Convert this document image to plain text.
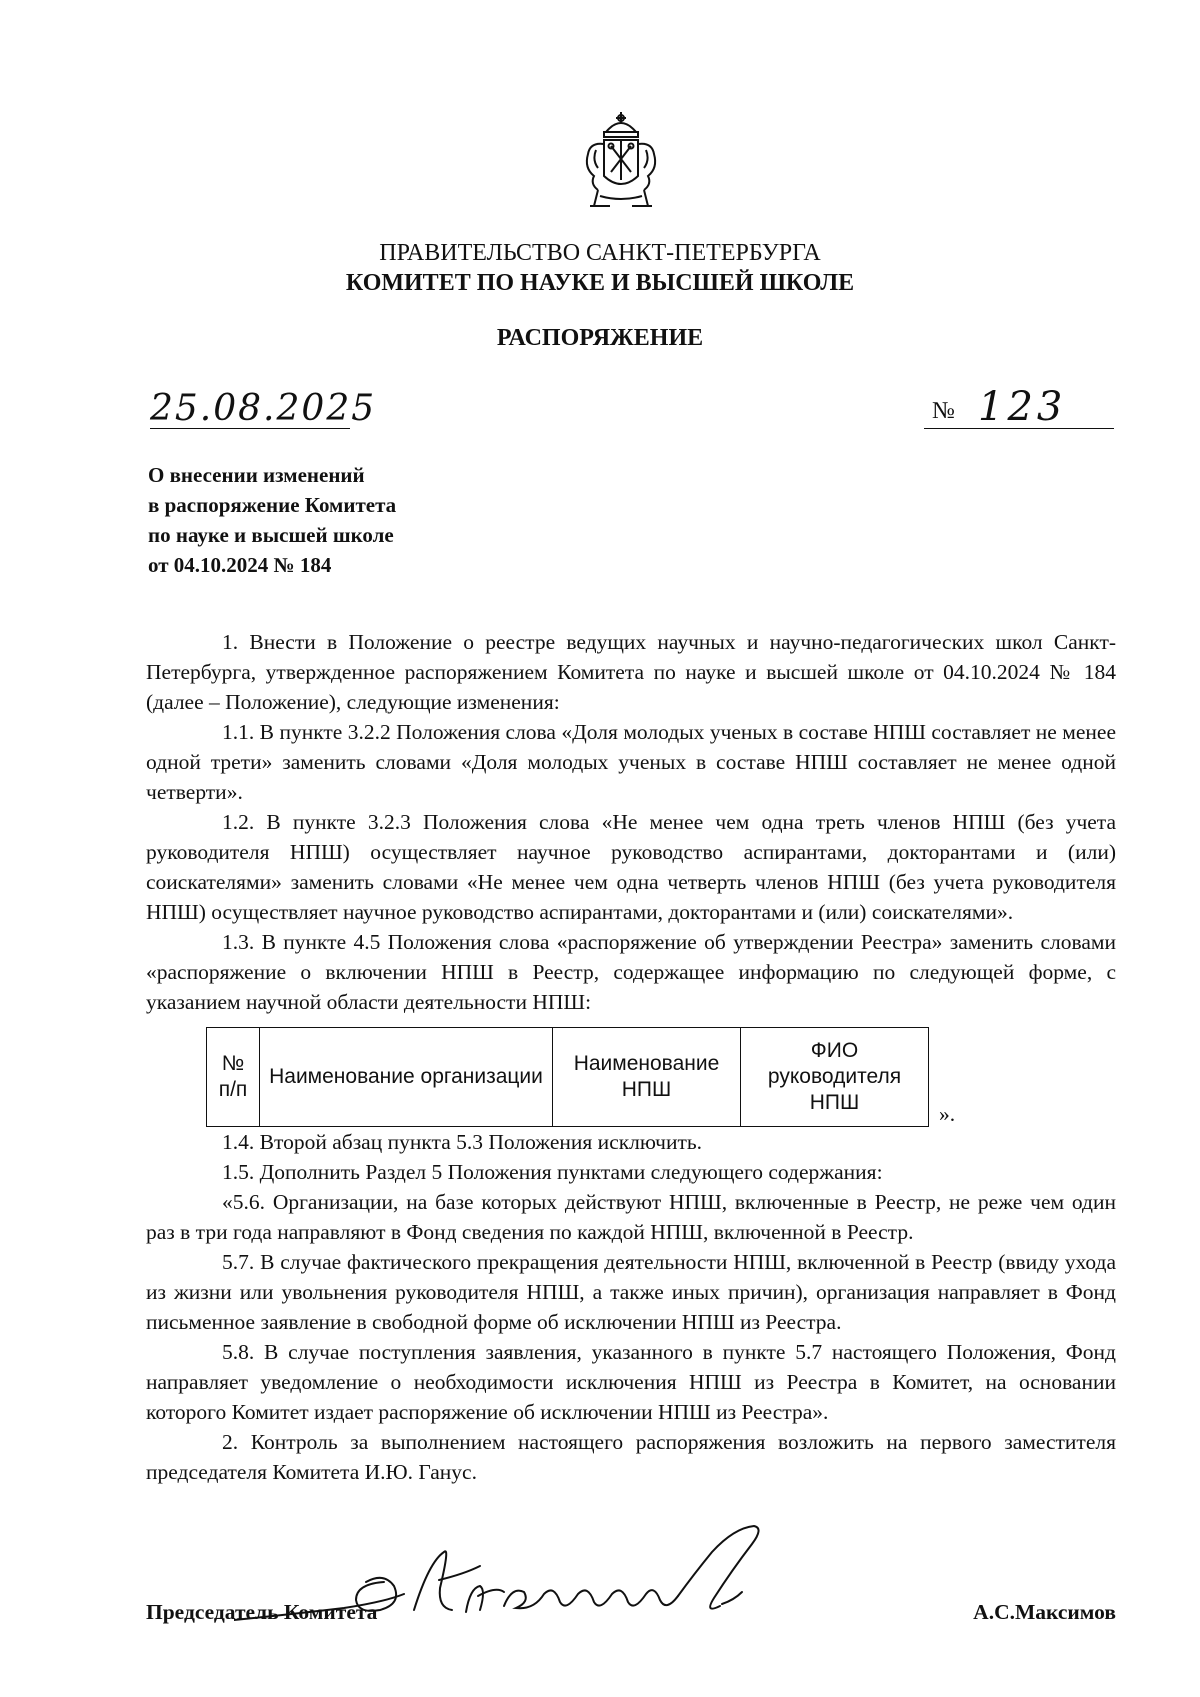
ПРАВИТЕЛЬСТВО САНКТ-ПЕТЕРБУРГА
КОМИТЕТ ПО НАУКЕ И ВЫСШЕЙ ШКОЛЕ
РАСПОРЯЖЕНИЕ
25.08.2025	№ 123
О внесении изменений
в распоряжение Комитета
по науке и высшей школе
от 04.10.2024 № 184

1. Внести в Положение о реестре ведущих научных и научно-педагогических школ Санкт-Петербурга, утвержденное распоряжением Комитета по науке и высшей школе от 04.10.2024 № 184 (далее – Положение), следующие изменения:

1.1. В пункте 3.2.2 Положения слова «Доля молодых ученых в составе НПШ составляет не менее одной трети» заменить словами «Доля молодых ученых в составе НПШ составляет не менее одной четверти».

1.2. В пункте 3.2.3 Положения слова «Не менее чем одна треть членов НПШ (без учета руководителя НПШ) осуществляет научное руководство аспирантами, докторантами и (или) соискателями» заменить словами «Не менее чем одна четверть членов НПШ (без учета руководителя НПШ) осуществляет научное руководство аспирантами, докторантами и (или) соискателями».

1.3. В пункте 4.5 Положения слова «распоряжение об утверждении Реестра» заменить словами «распоряжение о включении НПШ в Реестр, содержащее информацию по следующей форме, с указанием научной области деятельности НПШ:

№ п/п	Наименование организации	Наименование НПШ	ФИО руководителя НПШ	».

1.4. Второй абзац пункта 5.3 Положения исключить.

1.5. Дополнить Раздел 5 Положения пунктами следующего содержания:

«5.6. Организации, на базе которых действуют НПШ, включенные в Реестр, не реже чем один раз в три года направляют в Фонд сведения по каждой НПШ, включенной в Реестр.

5.7. В случае фактического прекращения деятельности НПШ, включенной в Реестр (ввиду ухода из жизни или увольнения руководителя НПШ, а также иных причин), организация направляет в Фонд письменное заявление в свободной форме об исключении НПШ из Реестра.

5.8. В случае поступления заявления, указанного в пункте 5.7 настоящего Положения, Фонд направляет уведомление о необходимости исключения НПШ из Реестра в Комитет, на основании которого Комитет издает распоряжение об исключении НПШ из Реестра».

2. Контроль за выполнением настоящего распоряжения возложить на первого заместителя председателя Комитета И.Ю. Ганус.

Председатель Комитета	А.С.Максимов
